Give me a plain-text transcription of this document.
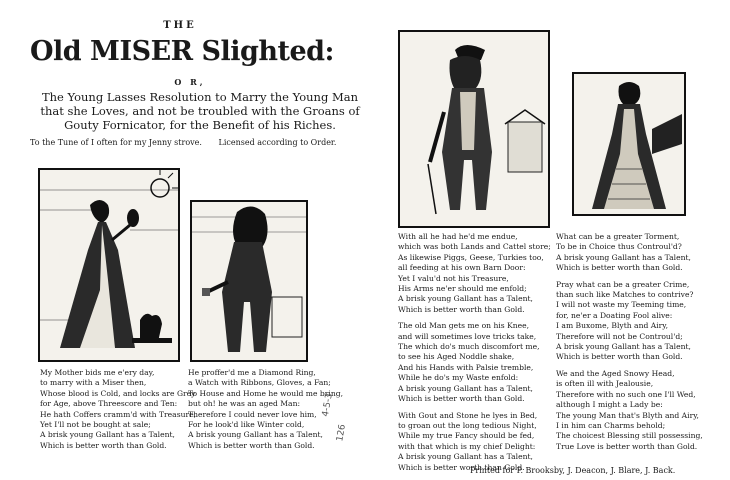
THE
Old MISER Slighted:
O R,
The Young Lasses Resolution to Marry the Young Man that she Loves, and not be troubled with the Groans of Gouty Fornicator, for the Benefit of his Riches.
To the Tune of I often for my Jenny strove. Licensed according to Order.
My Mother bids me e'ery day,
to marry with a Miser then,
Whose blood is Cold, and locks are Grey
for Age, above Threescore and Ten:
He hath Coffers cramm'd with Treasure,
Yet I'll not be bought at sale;
A brisk young Gallant has a Talent,
Which is better worth than Gold.
He proffer'd me a Diamond Ring,
a Watch with Ribbons, Gloves, a Fan;
To House and Home he would me bring,
but oh! he was an aged Man:
Therefore I could never love him,
For he look'd like Winter cold,
A brisk young Gallant has a Talent,
Which is better worth than Gold.
With all he had he'd me endue,
which was both Lands and Cattel store;
As likewise Piggs, Geese, Turkies too,
all feeding at his own Barn Door:
Yet I valu'd not his Treasure,
His Arms ne'er should me enfold;
A brisk young Gallant has a Talent,
Which is better worth than Gold.
The old Man gets me on his Knee,
and will sometimes love tricks take,
The which do's much discomfort me,
to see his Aged Noddle shake,
And his Hands with Palsie tremble,
While he do's my Waste enfold:
A brisk young Gallant has a Talent,
Which is better worth than Gold.
With Gout and Stone he lyes in Bed,
to groan out the long tedious Night,
While my true Fancy should be fed,
with that which is my chief Delight:
A brisk young Gallant has a Talent,
Which is better worth than Gold.
What can be a greater Torment,
To be in Choice thus Controul'd?
A brisk young Gallant has a Talent,
Which is better worth than Gold.
Pray what can be a greater Crime,
than such like Matches to contrive?
I will not waste my Teeming time,
for, ne'er a Doating Fool alive:
I am Buxome, Blyth and Airy,
Therefore will not be Controul'd;
A brisk young Gallant has a Talent,
Which is better worth than Gold.
We and the Aged Snowy Head,
is often ill with Jealousie,
Therefore with no such one I'll Wed,
although I might a Lady be:
The young Man that's Blyth and Airy,
I in him can Charms behold;
The choicest Blessing still possessing,
True Love is better worth than Gold.
Printed for P. Brooksby, J. Deacon, J. Blare, J. Back.
4-5-3
126
